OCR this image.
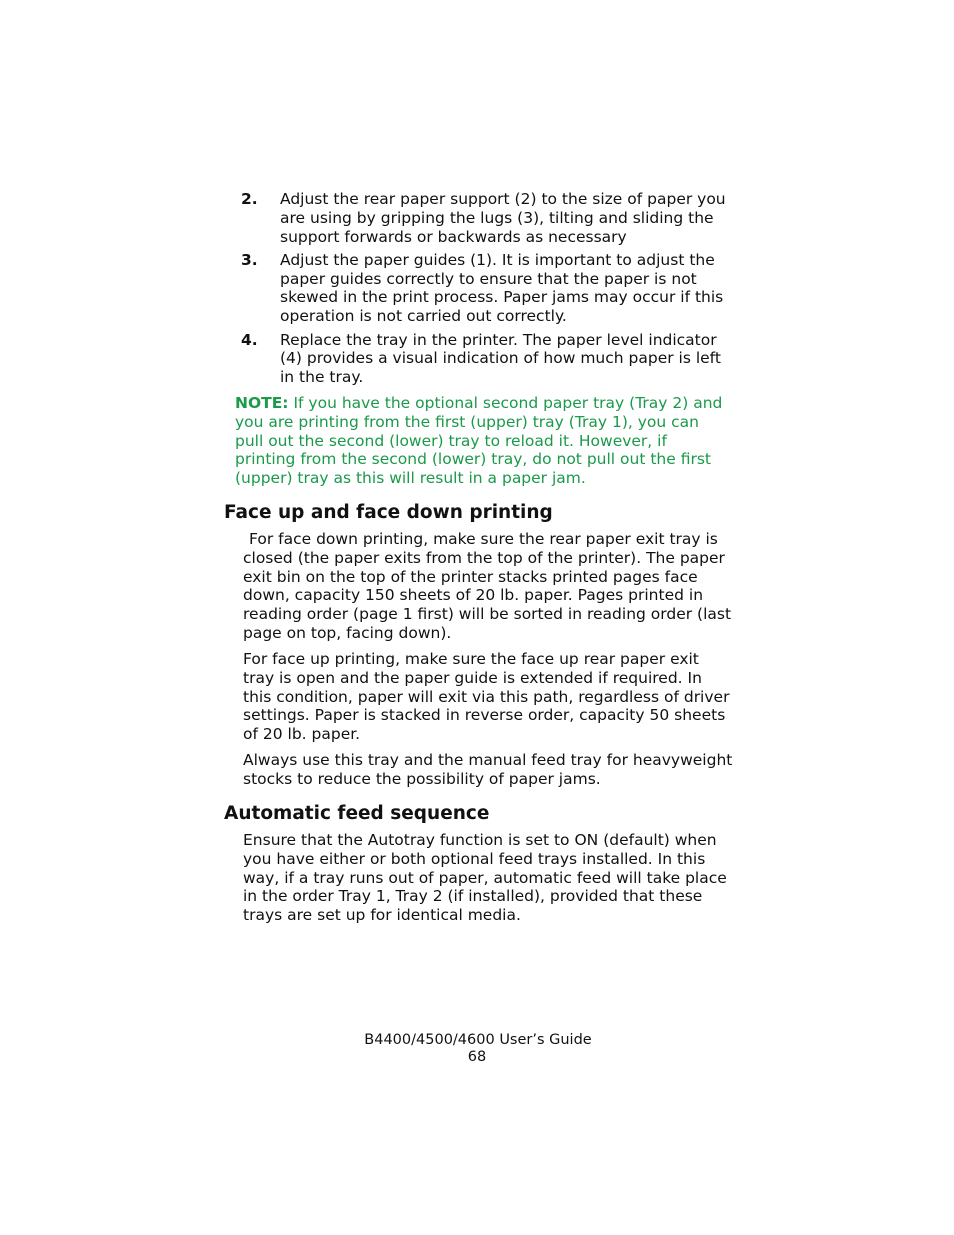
2. Adjust the rear paper support (2) to the size of paper you are using by gripping the lugs (3), tilting and sliding the support forwards or backwards as necessary
3. Adjust the paper guides (1). It is important to adjust the paper guides correctly to ensure that the paper is not skewed in the print process. Paper jams may occur if this operation is not carried out correctly.
4. Replace the tray in the printer. The paper level indicator (4) provides a visual indication of how much paper is left in the tray.
NOTE: If you have the optional second paper tray (Tray 2) and you are printing from the first (upper) tray (Tray 1), you can pull out the second (lower) tray to reload it. However, if printing from the second (lower) tray, do not pull out the first (upper) tray as this will result in a paper jam.
Face up and face down printing

For face down printing, make sure the rear paper exit tray is closed (the paper exits from the top of the printer). The paper exit bin on the top of the printer stacks printed pages face down, capacity 150 sheets of 20 lb. paper. Pages printed in reading order (page 1 first) will be sorted in reading order (last page on top, facing down).

For face up printing, make sure the face up rear paper exit tray is open and the paper guide is extended if required. In this condition, paper will exit via this path, regardless of driver settings. Paper is stacked in reverse order, capacity 50 sheets of 20 lb. paper.

Always use this tray and the manual feed tray for heavyweight stocks to reduce the possibility of paper jams.

Automatic feed sequence

Ensure that the Autotray function is set to ON (default) when you have either or both optional feed trays installed. In this way, if a tray runs out of paper, automatic feed will take place in the order Tray 1, Tray 2 (if installed), provided that these trays are set up for identical media.

B4400/4500/4600 User’s Guide
68
